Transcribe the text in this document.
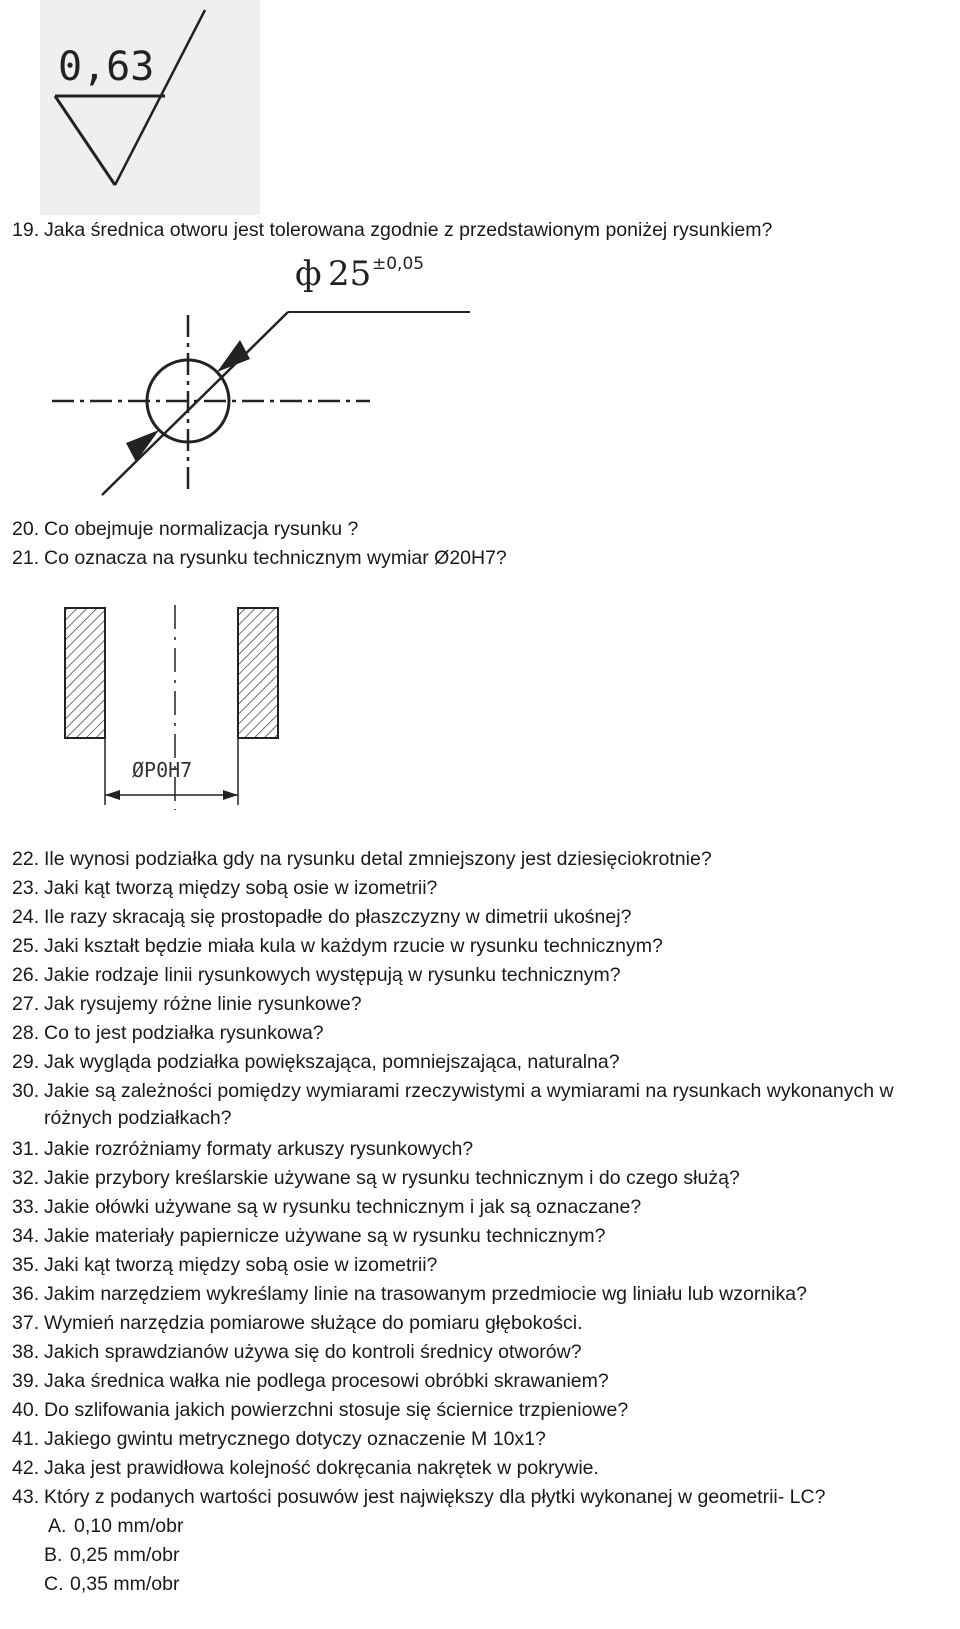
0,63
ф 25 ±0,05
ØP0H7
19. Jaka średnica otworu jest tolerowana zgodnie z przedstawionym poniżej rysunkiem?
20. Co obejmuje normalizacja rysunku ?
21. Co oznacza na rysunku technicznym wymiar Ø20H7?
22. Ile wynosi podziałka gdy na rysunku detal zmniejszony jest dziesięciokrotnie?
23. Jaki kąt tworzą między sobą osie w izometrii?
24. Ile razy skracają się prostopadłe do płaszczyzny w dimetrii ukośnej?
25. Jaki kształt będzie miała kula w każdym rzucie w rysunku technicznym?
26. Jakie rodzaje linii rysunkowych występują w rysunku technicznym?
27. Jak rysujemy różne linie rysunkowe?
28. Co to jest podziałka rysunkowa?
29. Jak wygląda podziałka powiększająca, pomniejszająca, naturalna?
30. Jakie są zależności pomiędzy wymiarami rzeczywistymi a wymiarami na rysunkach wykonanych w różnych podziałkach?
31. Jakie rozróżniamy formaty arkuszy rysunkowych?
32. Jakie przybory kreślarskie używane są w rysunku technicznym i do czego służą?
33. Jakie ołówki używane są w rysunku technicznym i jak są oznaczane?
34. Jakie materiały papiernicze używane są w rysunku technicznym?
35. Jaki kąt tworzą między sobą osie w izometrii?
36. Jakim narzędziem wykreślamy linie na trasowanym przedmiocie wg liniału lub wzornika?
37. Wymień narzędzia pomiarowe służące do pomiaru głębokości.
38. Jakich sprawdzianów używa się do kontroli średnicy otworów?
39. Jaka średnica wałka nie podlega procesowi obróbki skrawaniem?
40. Do szlifowania jakich powierzchni stosuje się ściernice trzpieniowe?
41. Jakiego gwintu metrycznego dotyczy oznaczenie M 10x1?
42. Jaka jest prawidłowa kolejność dokręcania nakrętek w pokrywie.
43. Który z podanych wartości posuwów jest największy dla płytki wykonanej w geometrii- LC?
A. 0,10 mm/obr
B. 0,25 mm/obr
C. 0,35 mm/obr
